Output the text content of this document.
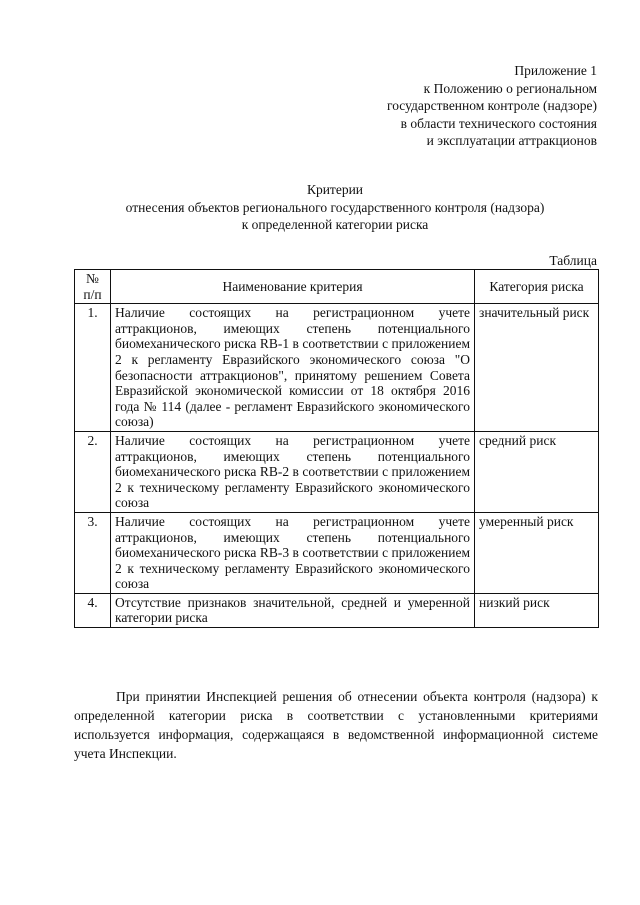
Приложение 1
к Положению о региональном
государственном контроле (надзоре)
в области технического состояния
и эксплуатации аттракционов
Критерии
отнесения объектов регионального государственного контроля (надзора)
к определенной категории риска
Таблица
№ п/п	Наименование критерия	Категория риска
1.	Наличие состоящих на регистрационном учете аттракционов, имеющих степень потенциального биомеханического риска RB-1 в соответствии с приложением 2 к регламенту Евразийского экономического союза "О безопасности аттракционов", принятому решением Совета Евразийской экономической комиссии от 18 октября 2016 года № 114 (далее - регламент Евразийского экономического союза)	значительный риск
2.	Наличие состоящих на регистрационном учете аттракционов, имеющих степень потенциального биомеханического риска RB-2 в соответствии с приложением 2 к техническому регламенту Евразийского экономического союза	средний риск
3.	Наличие состоящих на регистрационном учете аттракционов, имеющих степень потенциального биомеханического риска RB-3 в соответствии с приложением 2 к техническому регламенту Евразийского экономического союза	умеренный риск
4.	Отсутствие признаков значительной, средней и умеренной категории риска	низкий риск
При принятии Инспекцией решения об отнесении объекта контроля (надзора) к определенной категории риска в соответствии с установленными критериями используется информация, содержащаяся в ведомственной информационной системе учета Инспекции.
